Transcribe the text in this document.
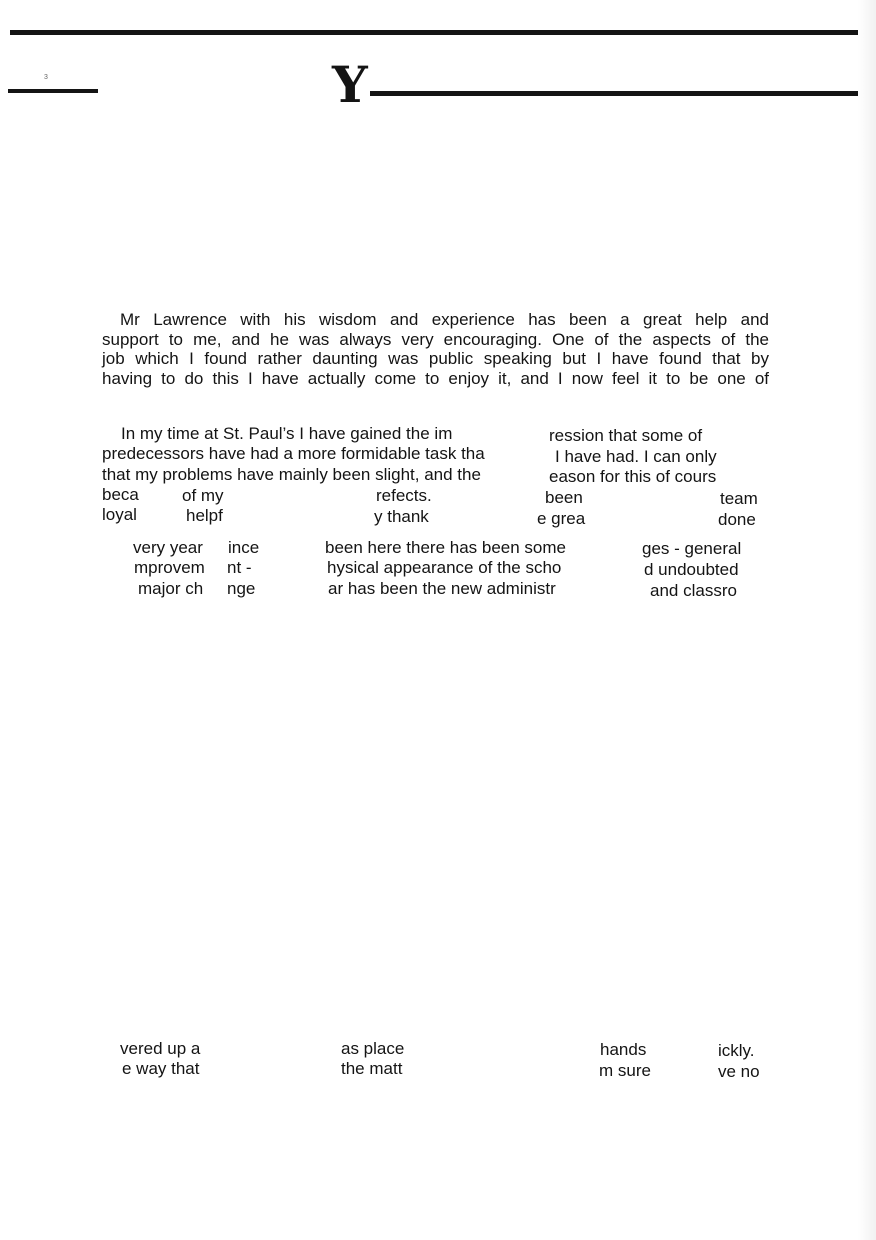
3	Y
Mr Lawrence with his wisdom and experience has been a great help and
support to me, and he was always very encouraging. One of the aspects of the
job which I found rather daunting was public speaking but I have found that by
having to do this I have actually come to enjoy it, and I now feel it to be one of
In my time at St. Paul’s I have gained the im	ression that some of
predecessors have had a more formidable task tha	I have had. I can only
that my problems have mainly been slight, and the	eason for this of cours
beca	of my	refects.	been	team
loyal	helpf	y thank	e grea	done
very year
mprovem
major ch
ince
nt -
nge
been here there has been some
hysical appearance of the scho
ar has been the new administr
ges - general
d undoubted
and classro
vered up a
e way that
as place
the matt
hands
m sure
ickly.
ve no
